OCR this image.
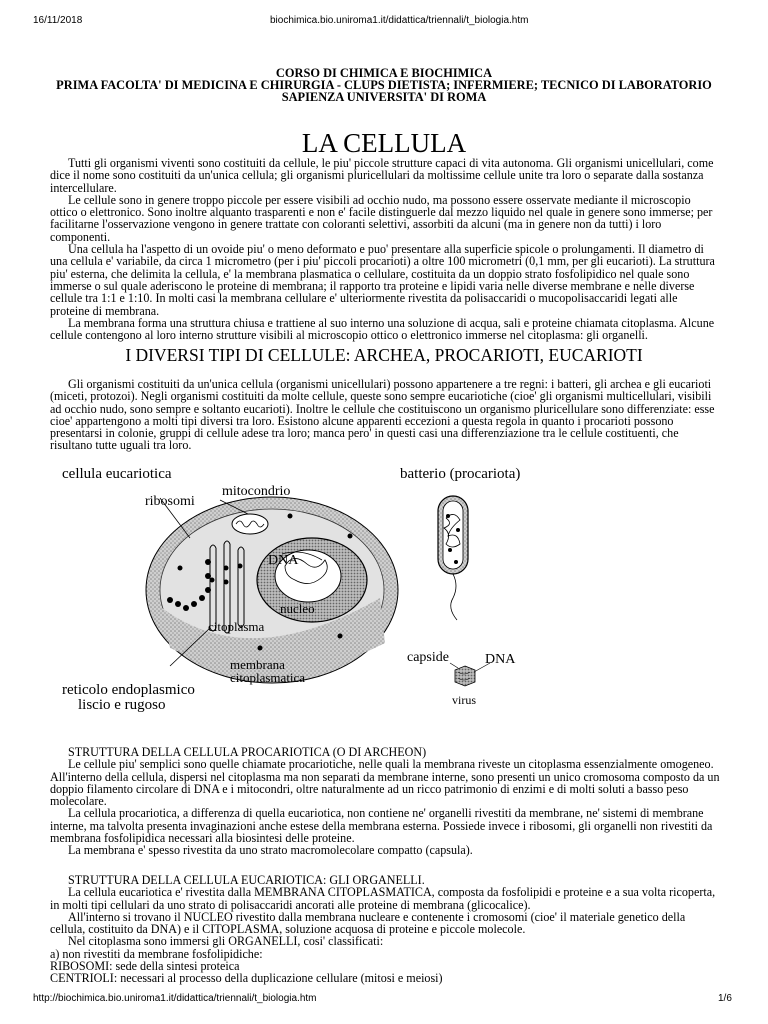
16/11/2018	biochimica.bio.uniroma1.it/didattica/triennali/t_biologia.htm
CORSO DI CHIMICA E BIOCHIMICA
PRIMA FACOLTA' DI MEDICINA E CHIRURGIA - CLUPS DIETISTA; INFERMIERE; TECNICO DI LABORATORIO
SAPIENZA UNIVERSITA' DI ROMA
LA CELLULA

Tutti gli organismi viventi sono costituiti da cellule, le piu' piccole strutture capaci di vita autonoma. Gli organismi unicellulari, come dice il nome sono costituiti da un'unica cellula; gli organismi pluricellulari da moltissime cellule unite tra loro o separate dalla sostanza intercellulare.

Le cellule sono in genere troppo piccole per essere visibili ad occhio nudo, ma possono essere osservate mediante il microscopio ottico o elettronico. Sono inoltre alquanto trasparenti e non e' facile distinguerle dal mezzo liquido nel quale in genere sono immerse; per facilitarne l'osservazione vengono in genere trattate con coloranti selettivi, assorbiti da alcuni (ma in genere non da tutti) i loro componenti.

Una cellula ha l'aspetto di un ovoide piu' o meno deformato e puo' presentare alla superficie spicole o prolungamenti. Il diametro di una cellula e' variabile, da circa 1 micrometro (per i piu' piccoli procarioti) a oltre 100 micrometri (0,1 mm, per gli eucarioti). La struttura piu' esterna, che delimita la cellula, e' la membrana plasmatica o cellulare, costituita da un doppio strato fosfolipidico nel quale sono immerse o sul quale aderiscono le proteine di membrana; il rapporto tra proteine e lipidi varia nelle diverse membrane e nelle diverse cellule tra 1:1 e 1:10. In molti casi la membrana cellulare e' ulteriormente rivestita da polisaccaridi o mucopolisaccaridi legati alle proteine di membrana.

La membrana forma una struttura chiusa e trattiene al suo interno una soluzione di acqua, sali e proteine chiamata citoplasma. Alcune cellule contengono al loro interno strutture visibili al microscopio ottico o elettronico immerse nel citoplasma: gli organelli.

I DIVERSI TIPI DI CELLULE: ARCHEA, PROCARIOTI, EUCARIOTI

Gli organismi costituiti da un'unica cellula (organismi unicellulari) possono appartenere a tre regni: i batteri, gli archea e gli eucarioti (miceti, protozoi). Negli organismi costituiti da molte cellule, queste sono sempre eucariotiche (cioe' gli organismi multicellulari, visibili ad occhio nudo, sono sempre e soltanto eucarioti). Inoltre le cellule che costituiscono un organismo pluricellulare sono differenziate: esse cioe' appartengono a molti tipi diversi tra loro. Esistono alcune apparenti eccezioni a questa regola in quanto i procarioti possono presentarsi in colonie, gruppi di cellule adese tra loro; manca pero' in questi casi una differenziazione tra le cellule costituenti, che risultano tutte uguali tra loro.

cellula eucariotica
mitocondrio
ribosomi
DNA
nucleo
citoplasma
membrana
citoplasmatica
reticolo endoplasmico
liscio e rugoso
batterio (procariota)
capside	DNA
virus
STRUTTURA DELLA CELLULA PROCARIOTICA (O DI ARCHEON)

Le cellule piu' semplici sono quelle chiamate procariotiche, nelle quali la membrana riveste un citoplasma essenzialmente omogeneo. All'interno della cellula, dispersi nel citoplasma ma non separati da membrane interne, sono presenti un unico cromosoma composto da un doppio filamento circolare di DNA e i mitocondri, oltre naturalmente ad un ricco patrimonio di enzimi e di molti soluti a basso peso molecolare.

La cellula procariotica, a differenza di quella eucariotica, non contiene ne' organelli rivestiti da membrane, ne' sistemi di membrane interne, ma talvolta presenta invaginazioni anche estese della membrana esterna. Possiede invece i ribosomi, gli organelli non rivestiti da membrana fosfolipidica necessari alla biosintesi delle proteine.

La membrana e' spesso rivestita da uno strato macromolecolare compatto (capsula).

STRUTTURA DELLA CELLULA EUCARIOTICA: GLI ORGANELLI.

La cellula eucariotica e' rivestita dalla MEMBRANA CITOPLASMATICA, composta da fosfolipidi e proteine e a sua volta ricoperta, in molti tipi cellulari da uno strato di polisaccaridi ancorati alle proteine di membrana (glicocalice).

All'interno si trovano il NUCLEO rivestito dalla membrana nucleare e contenente i cromosomi (cioe' il materiale genetico della cellula, costituito da DNA) e il CITOPLASMA, soluzione acquosa di proteine e piccole molecole.

Nel citoplasma sono immersi gli ORGANELLI, cosi' classificati:

a) non rivestiti da membrane fosfolipidiche:
RIBOSOMI: sede della sintesi proteica
CENTRIOLI: necessari al processo della duplicazione cellulare (mitosi e meiosi)
http://biochimica.bio.uniroma1.it/didattica/triennali/t_biologia.htm	1/6
